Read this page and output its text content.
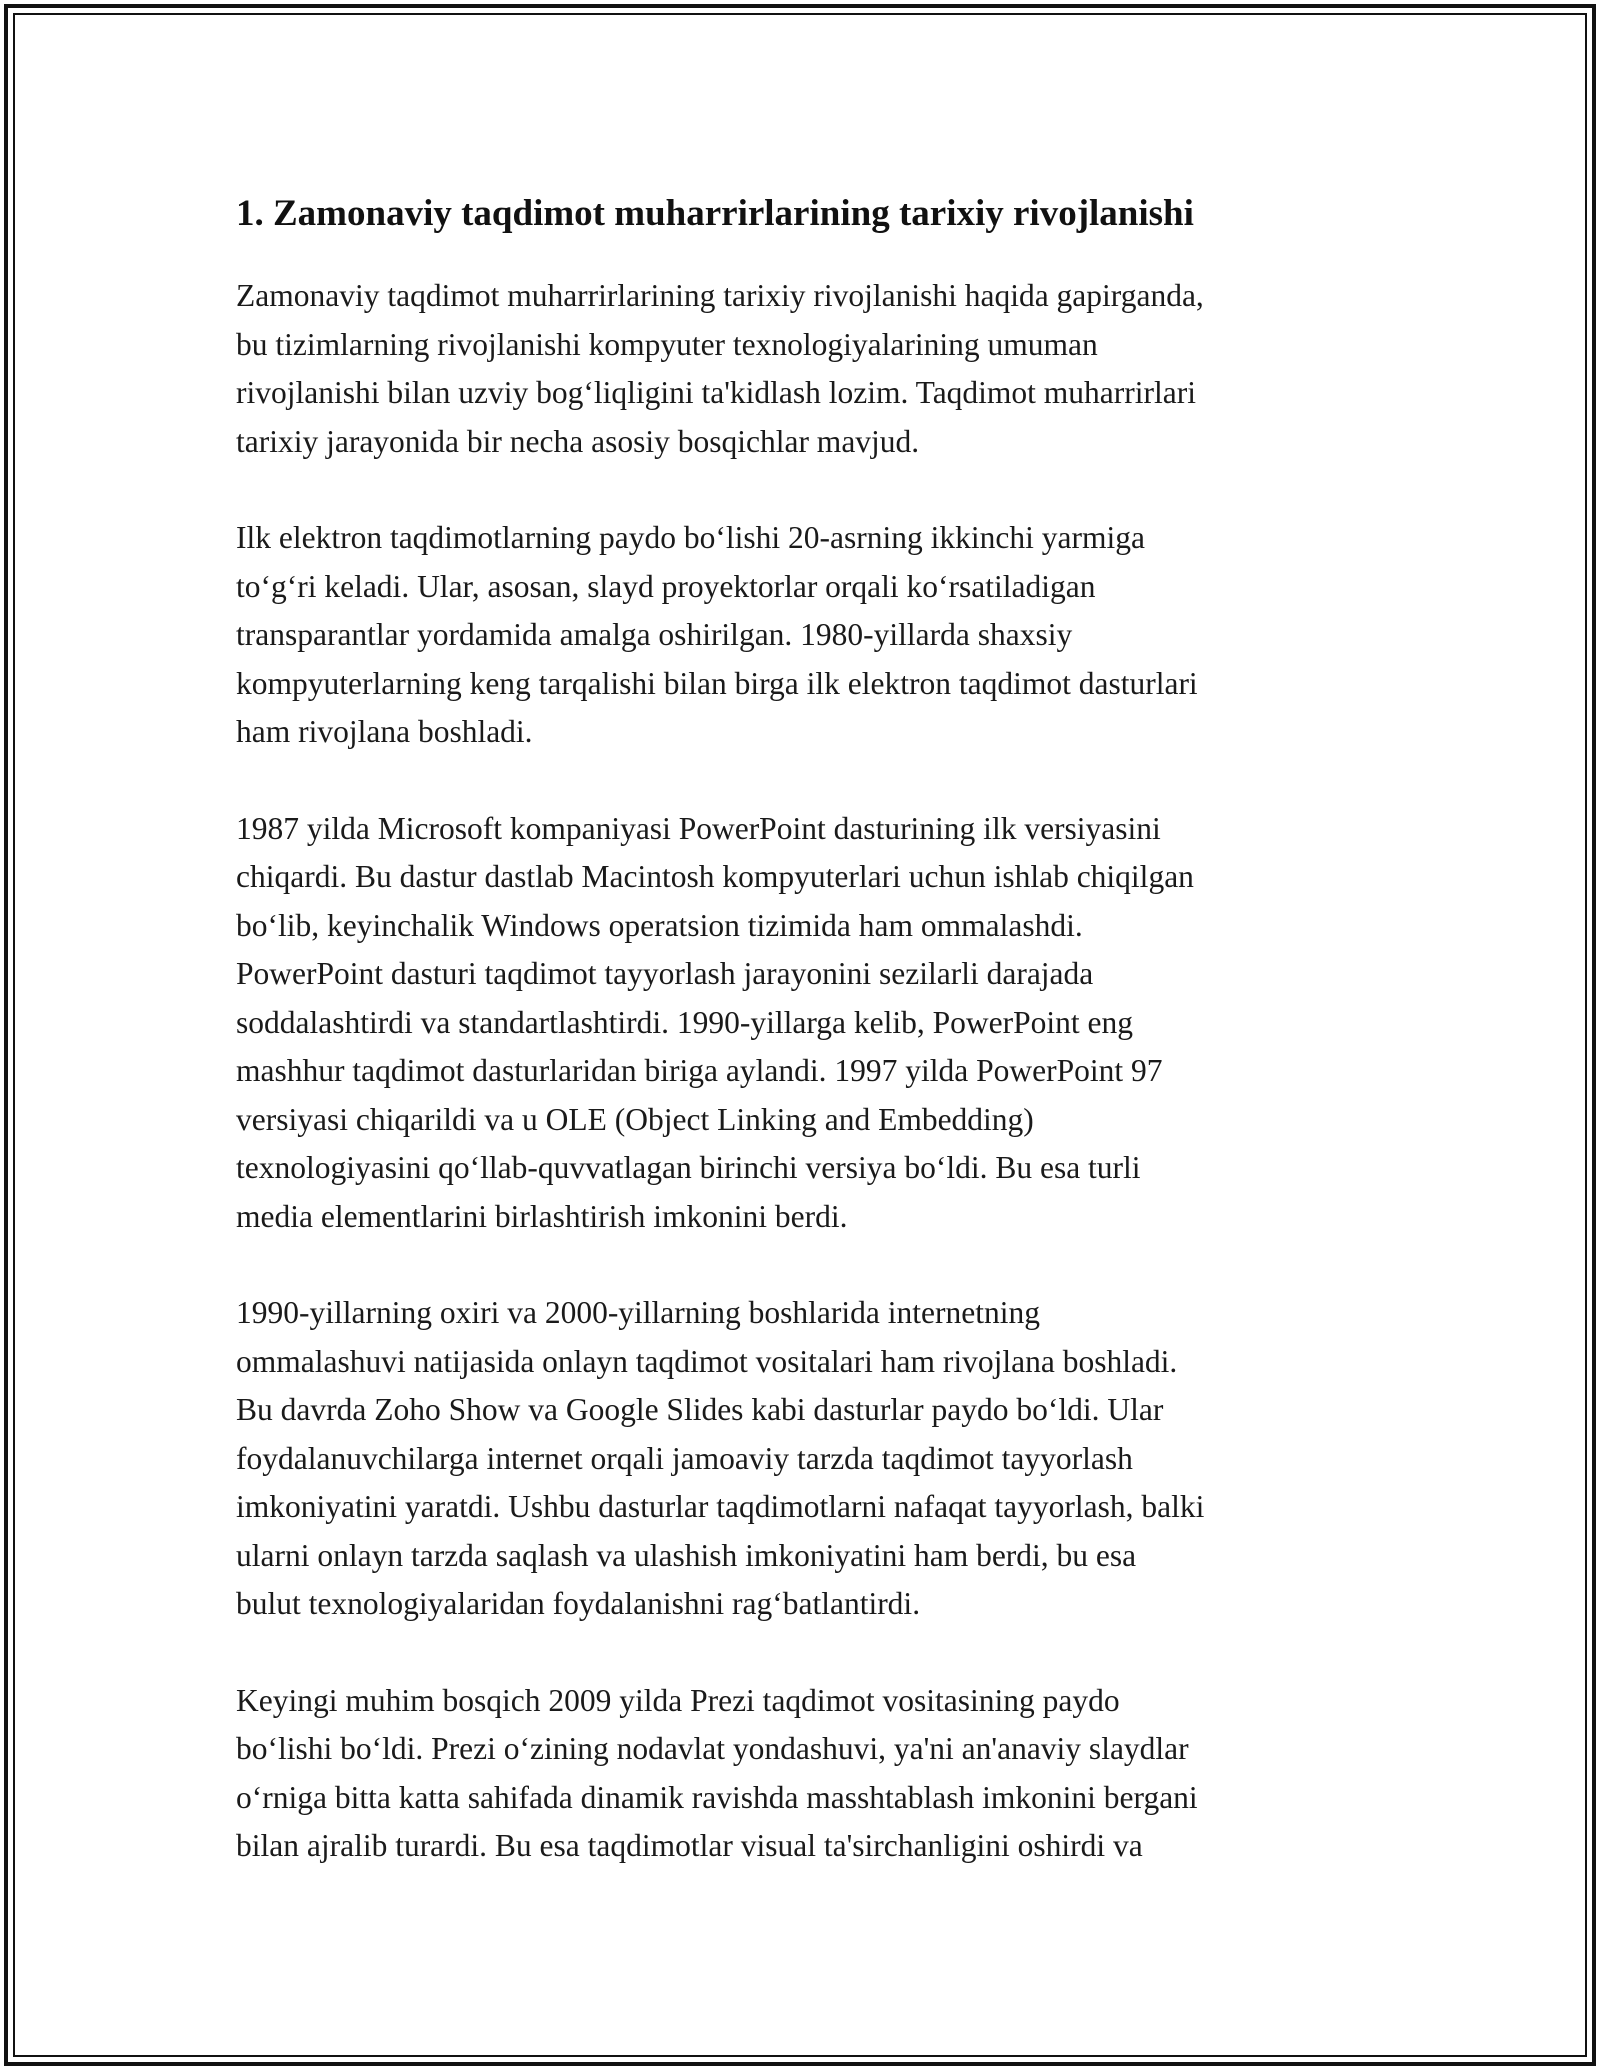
1. Zamonaviy taqdimot muharrirlarining tarixiy rivojlanishi

Zamonaviy taqdimot muharrirlarining tarixiy rivojlanishi haqida gapirganda,
bu tizimlarning rivojlanishi kompyuter texnologiyalarining umuman
rivojlanishi bilan uzviy bog‘liqligini ta'kidlash lozim. Taqdimot muharrirlari
tarixiy jarayonida bir necha asosiy bosqichlar mavjud.

Ilk elektron taqdimotlarning paydo bo‘lishi 20-asrning ikkinchi yarmiga
to‘g‘ri keladi. Ular, asosan, slayd proyektorlar orqali ko‘rsatiladigan
transparantlar yordamida amalga oshirilgan. 1980-yillarda shaxsiy
kompyuterlarning keng tarqalishi bilan birga ilk elektron taqdimot dasturlari
ham rivojlana boshladi.

1987 yilda Microsoft kompaniyasi PowerPoint dasturining ilk versiyasini
chiqardi. Bu dastur dastlab Macintosh kompyuterlari uchun ishlab chiqilgan
bo‘lib, keyinchalik Windows operatsion tizimida ham ommalashdi.
PowerPoint dasturi taqdimot tayyorlash jarayonini sezilarli darajada
soddalashtirdi va standartlashtirdi. 1990-yillarga kelib, PowerPoint eng
mashhur taqdimot dasturlaridan biriga aylandi. 1997 yilda PowerPoint 97
versiyasi chiqarildi va u OLE (Object Linking and Embedding)
texnologiyasini qo‘llab-quvvatlagan birinchi versiya bo‘ldi. Bu esa turli
media elementlarini birlashtirish imkonini berdi.

1990-yillarning oxiri va 2000-yillarning boshlarida internetning
ommalashuvi natijasida onlayn taqdimot vositalari ham rivojlana boshladi.
Bu davrda Zoho Show va Google Slides kabi dasturlar paydo bo‘ldi. Ular
foydalanuvchilarga internet orqali jamoaviy tarzda taqdimot tayyorlash
imkoniyatini yaratdi. Ushbu dasturlar taqdimotlarni nafaqat tayyorlash, balki
ularni onlayn tarzda saqlash va ulashish imkoniyatini ham berdi, bu esa
bulut texnologiyalaridan foydalanishni rag‘batlantirdi.

Keyingi muhim bosqich 2009 yilda Prezi taqdimot vositasining paydo
bo‘lishi bo‘ldi. Prezi o‘zining nodavlat yondashuvi, ya'ni an'anaviy slaydlar
o‘rniga bitta katta sahifada dinamik ravishda masshtablash imkonini bergani
bilan ajralib turardi. Bu esa taqdimotlar visual ta'sirchanligini oshirdi va
